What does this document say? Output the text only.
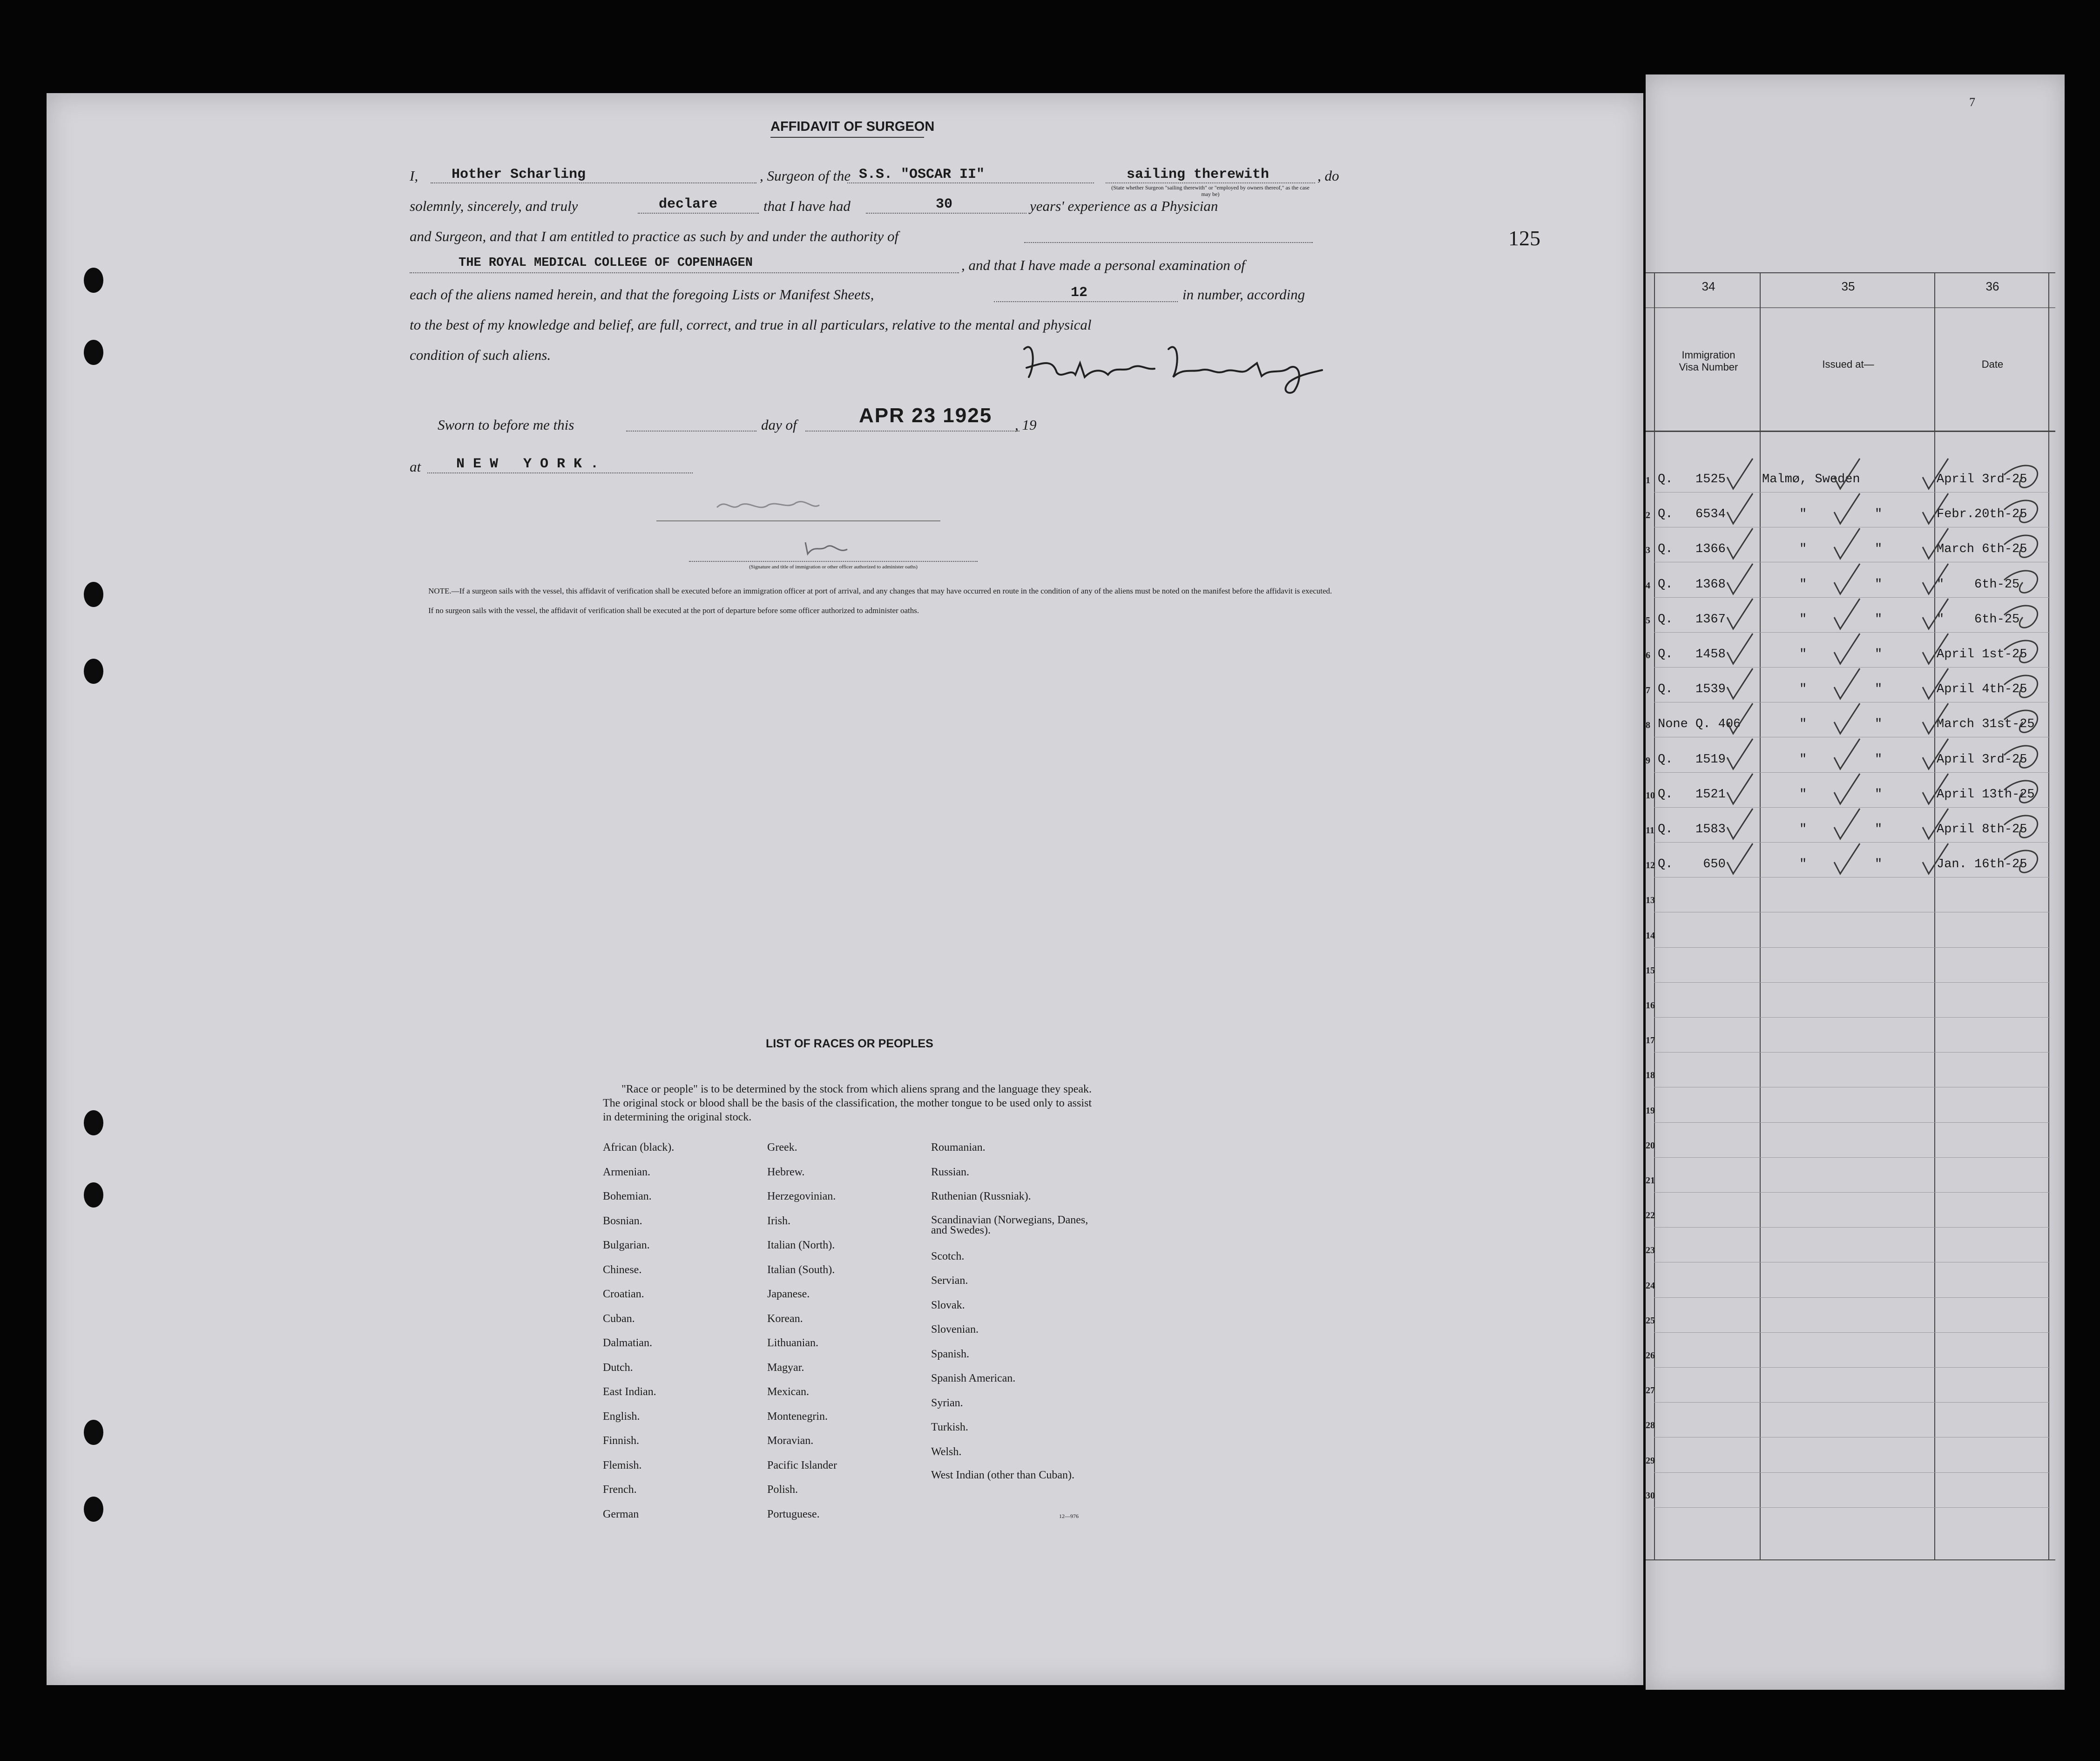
AFFIDAVIT OF SURGEON
125
I, Hother Scharling	, Surgeon of the S.S. "OSCAR II"	sailing therewith	, do
(State whether Surgeon "sailing therewith" or "employed by owners thereof," as the case may be)
solemnly, sincerely, and truly	declare	that I have had	30	years' experience as a Physician
and Surgeon, and that I am entitled to practice as such by and under the authority of
THE ROYAL MEDICAL COLLEGE OF COPENHAGEN	, and that I have made a personal examination of
each of the aliens named herein, and that the foregoing Lists or Manifest Sheets,	12	in number, according
to the best of my knowledge and belief, are full, correct, and true in all particulars, relative to the mental and physical
condition of such aliens.
Sworn to before me this	day of	APR 23 1925 , 19
at	N E W   Y O R K .
(Signature and title of immigration or other officer authorized to administer oaths)
NOTE.—If a surgeon sails with the vessel, this affidavit of verification shall be executed before an immigration officer at port of arrival, and any changes that may have occurred en route in the condition of any of the aliens must be noted on the manifest before the affidavit is executed.
If no surgeon sails with the vessel, the affidavit of verification shall be executed at the port of departure before some officer authorized to administer oaths.
LIST OF RACES OR PEOPLES
"Race or people" is to be determined by the stock from which aliens sprang and the language they speak. The original stock or blood shall be the basis of the classification, the mother tongue to be used only to assist in determining the original stock.
African (black).
Armenian.
Bohemian.
Bosnian.
Bulgarian.
Chinese.
Croatian.
Cuban.
Dalmatian.
Dutch.
East Indian.
English.
Finnish.
Flemish.
French.
German
Greek.
Hebrew.
Herzegovinian.
Irish.
Italian (North).
Italian (South).
Japanese.
Korean.
Lithuanian.
Magyar.
Mexican.
Montenegrin.
Moravian.
Pacific Islander
Polish.
Portuguese.
Roumanian.
Russian.
Ruthenian (Russniak).
Scandinavian (Norwegians, Danes, and Swedes).
Scotch.
Servian.
Slovak.
Slovenian.
Spanish.
Spanish American.
Syrian.
Turkish.
Welsh.
West Indian (other than Cuban).
12—976
7
34	35	36
Immigration Visa Number	Issued at—	Date
1 Q.   1525	Malmø, Sweden	April 3rd-25
2 Q.   6534	"         "	Febr.20th-25
3 Q.   1366	"         "	March 6th-25
4 Q.   1368	"         "	"    6th-25
5 Q.   1367	"         "	"    6th-25
6 Q.   1458	"         "	April 1st-25
7 Q.   1539	"         "	April 4th-25
8 None Q. 406	"         "	March 31st-25
9 Q.   1519	"         "	April 3rd-25
10 Q.   1521	"         "	April 13th-25
11 Q.   1583	"         "	April 8th-25
12 Q.    650	"         "	Jan. 16th-25
13
14
15
16
17
18
19
20
21
22
23
24
25
26
27
28
29
30
